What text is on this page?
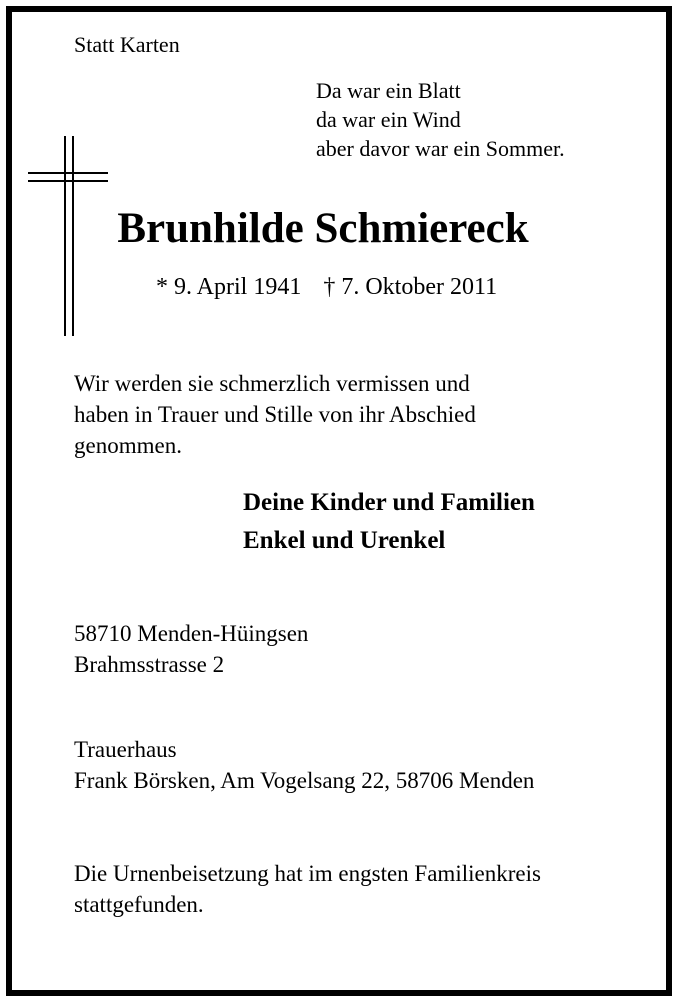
Statt Karten
Da war ein Blatt
da war ein Wind
aber davor war ein Sommer.
Brunhilde Schmiereck
* 9. April 1941 † 7. Oktober 2011
Wir werden sie schmerzlich vermissen und
haben in Trauer und Stille von ihr Abschied
genommen.
Deine Kinder und Familien
Enkel und Urenkel
58710 Menden-Hüingsen
Brahmsstrasse 2
Trauerhaus
Frank Börsken, Am Vogelsang 22, 58706 Menden
Die Urnenbeisetzung hat im engsten Familienkreis
stattgefunden.
